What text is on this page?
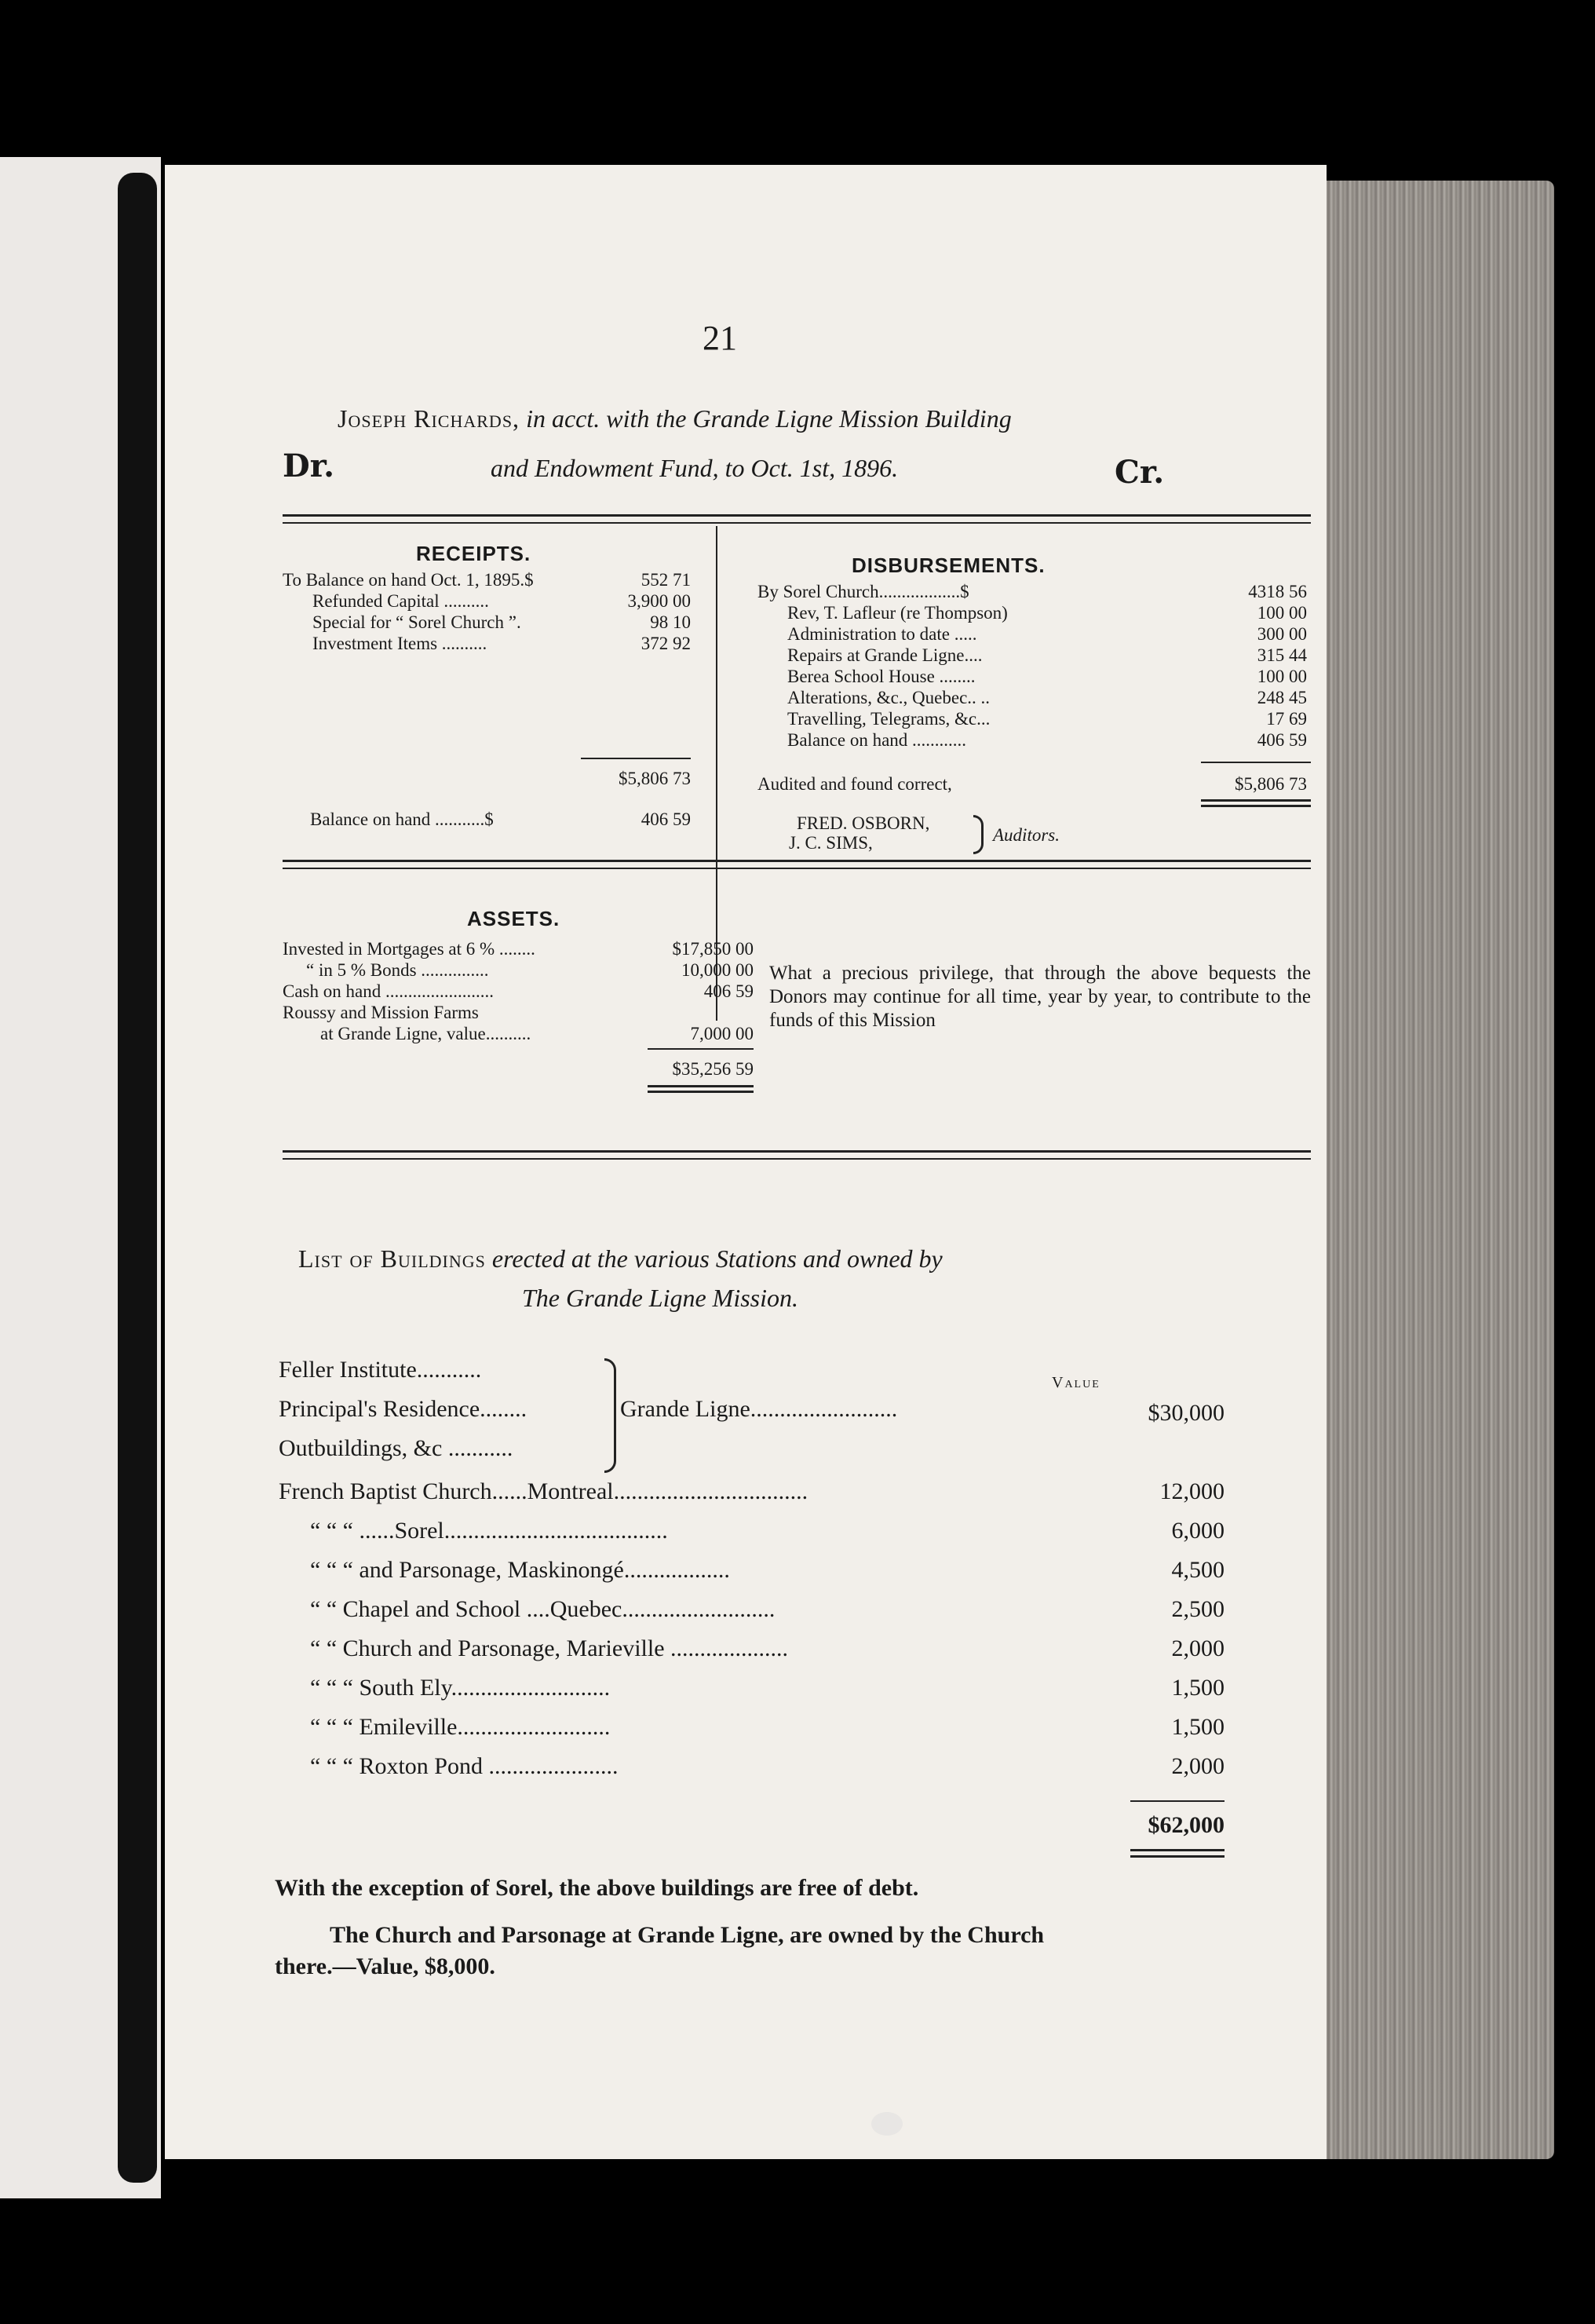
21
Joseph Richards, in acct. with the Grande Ligne Mission Building
Dr.	and Endowment Fund, to Oct. 1st, 1896.	Cr.
RECEIPTS.
To Balance on hand Oct. 1, 1895.$	552 71
Refunded Capital ..........	3,900 00
Special for “ Sorel Church ”.	98 10
Investment Items ..........	372 92
$5,806 73
Balance on hand ...........$	406 59
DISBURSEMENTS.
By Sorel Church..................$	4318 56
Rev, T. Lafleur (re Thompson)	100 00
Administration to date .....	300 00
Repairs at Grande Ligne....	315 44
Berea School House ........	100 00
Alterations, &c., Quebec.. ..	248 45
Travelling, Telegrams, &c...	17 69
Balance on hand ............	406 59
Audited and found correct,	$5,806 73
FRED. OSBORN,
J. C. SIMS,	Auditors.
ASSETS.
Invested in Mortgages at 6 % ........	$17,850 00
“ in 5 % Bonds ...............	10,000 00
Cash on hand ........................	406 59
Roussy and Mission Farms
at Grande Ligne, value..........	7,000 00
$35,256 59
What a precious privilege, that through the above bequests the Donors may continue for all time, year by year, to contribute to the funds of this Mission
List of Buildings erected at the various Stations and owned by
The Grande Ligne Mission.
Value
Feller Institute...........
Principal's Residence........
Outbuildings, &c ...........
Grande Ligne.........................	$30,000
French Baptist Church......Montreal.................................	12,000
“ “ “ ......Sorel......................................	6,000
“ “ “ and Parsonage, Maskinongé..................	4,500
“ “ Chapel and School ....Quebec..........................	2,500
“ “ Church and Parsonage, Marieville ....................	2,000
“ “ “ South Ely...........................	1,500
“ “ “ Emileville..........................	1,500
“ “ “ Roxton Pond ......................	2,000
$62,000
With the exception of Sorel, the above buildings are free of debt.
The Church and Parsonage at Grande Ligne, are owned by the Church
there.—Value, $8,000.
